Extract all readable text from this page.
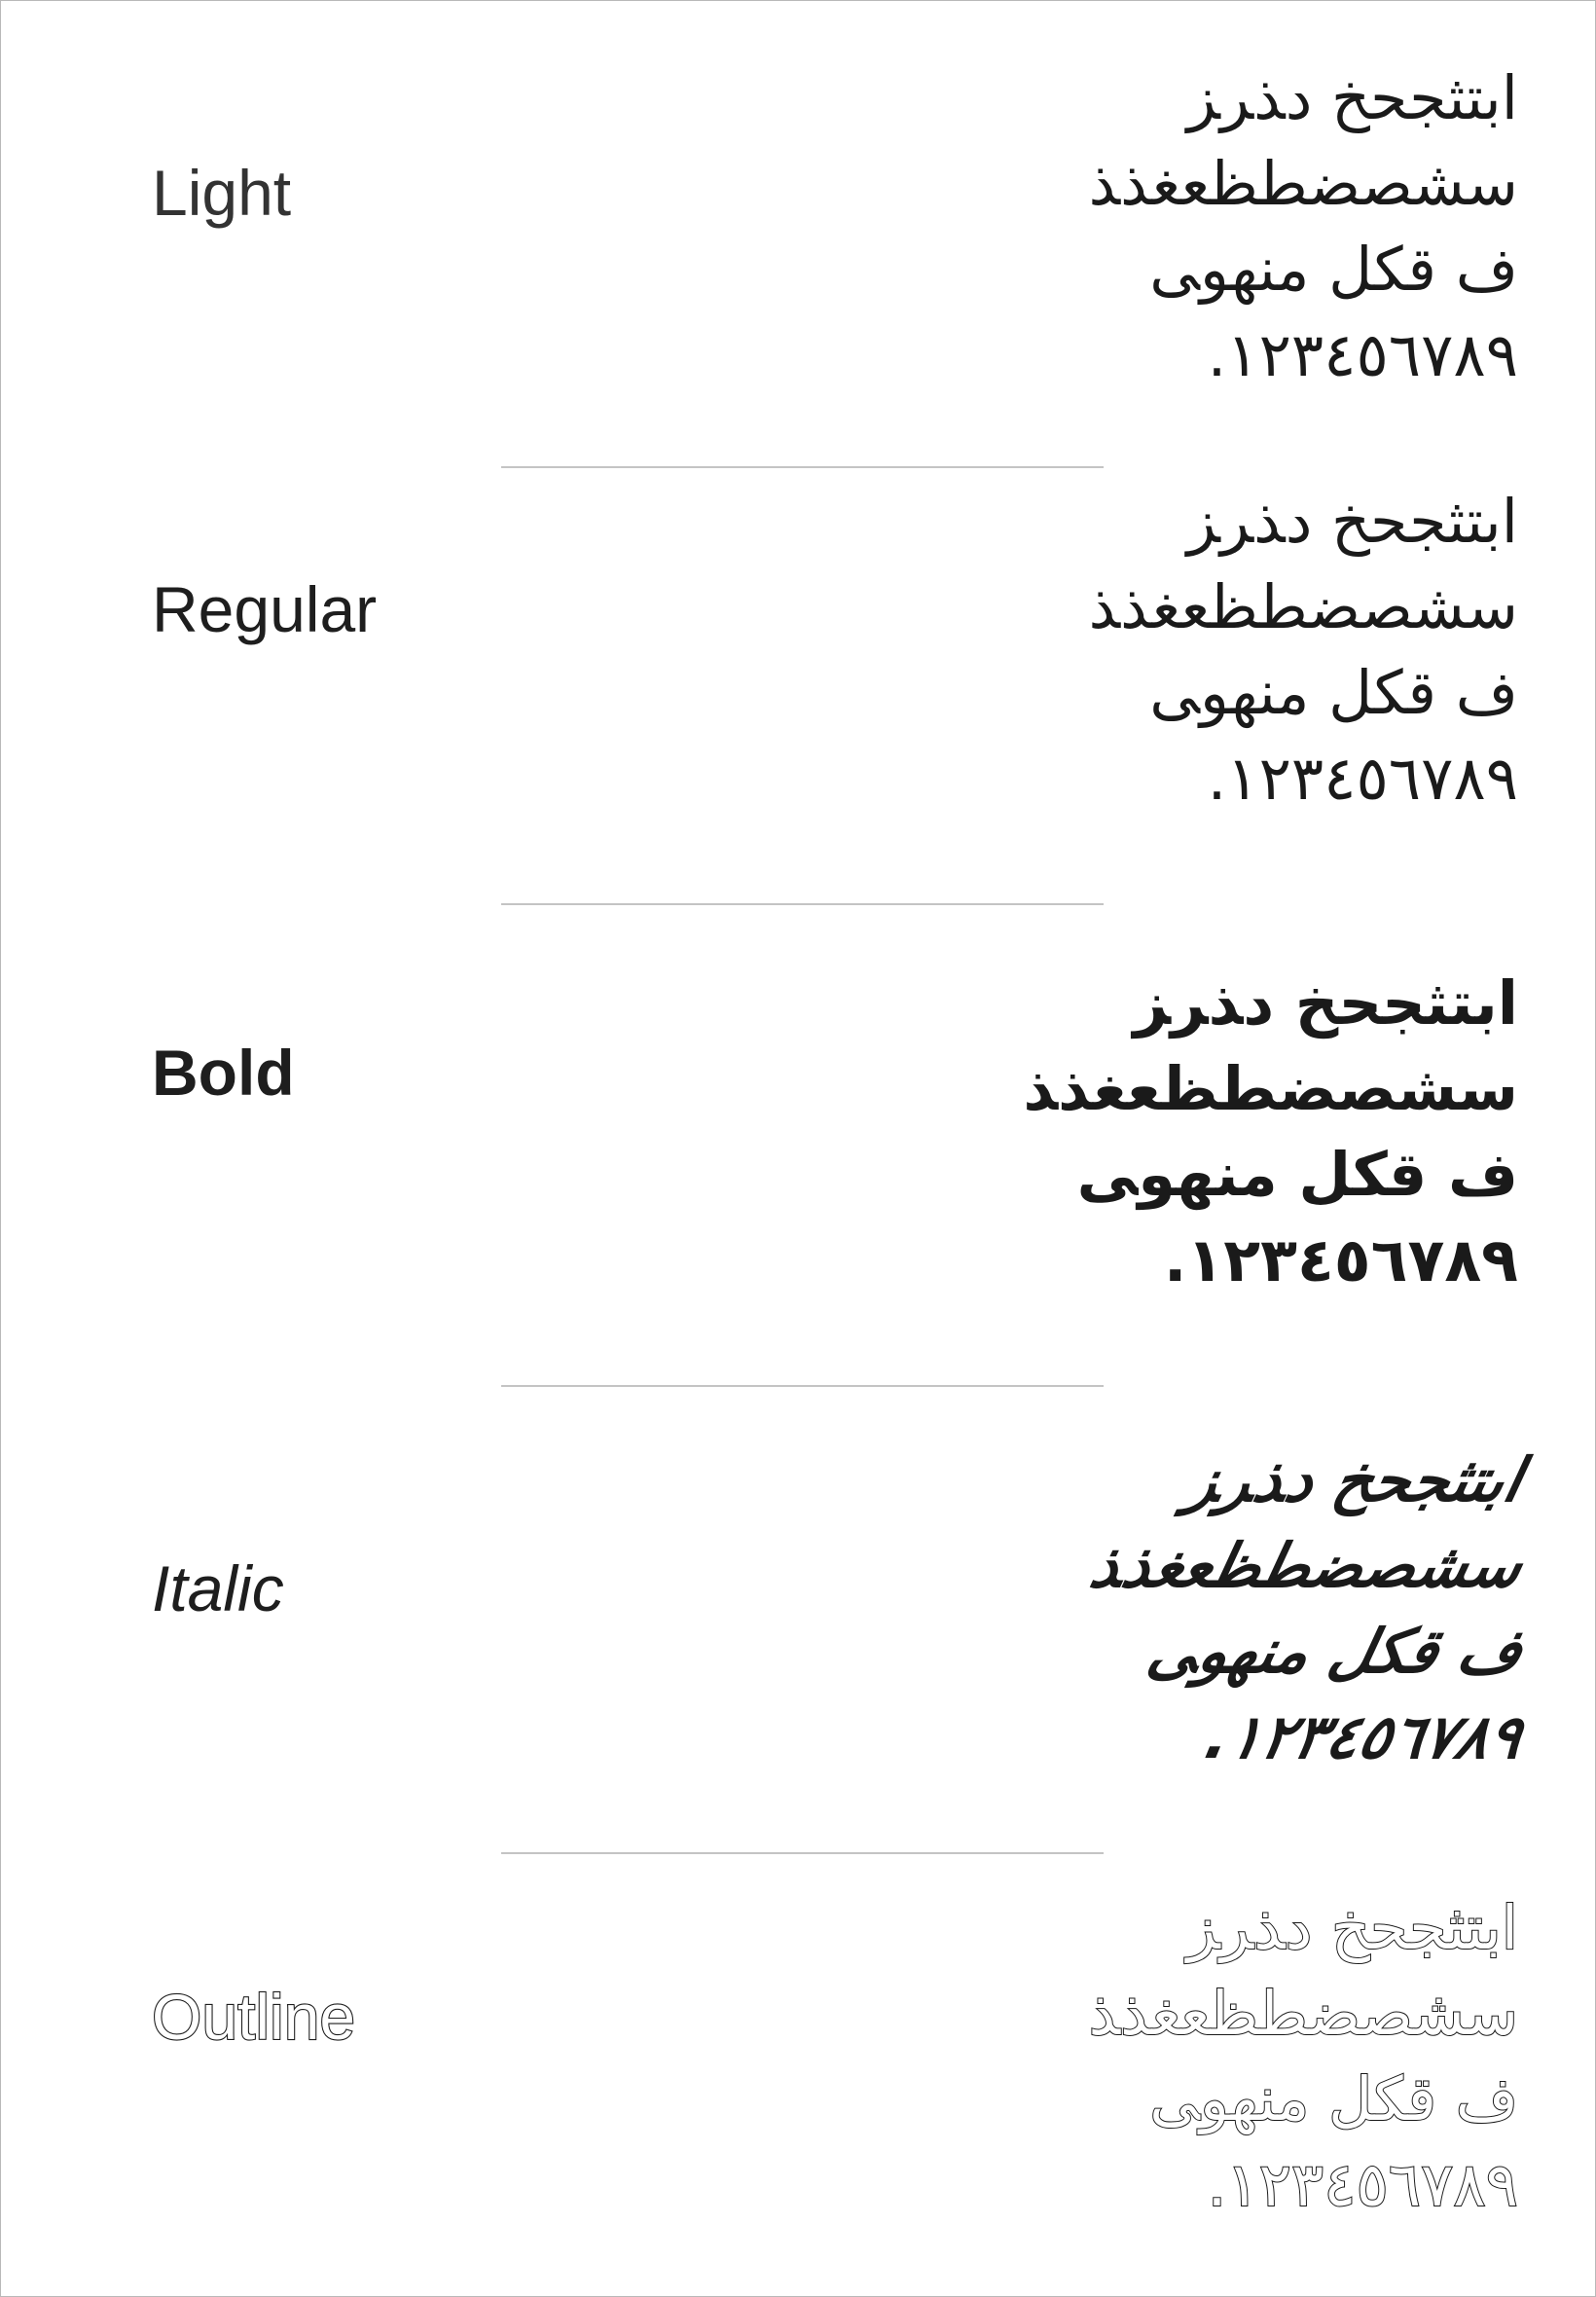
Light
اب‍ت‍ث‍ج‍ح‍خ د‍ذ‍ر‍ز
س‍ش‍ص‍ض‍ط‍ظ‍ع‍غ‍ذ‍ذ
ف ق‍ك‍ل م‍ن‍ه‍و‍ى
١٢٣٤٥٦٧٨٩.
Regular
اب‍ت‍ث‍ج‍ح‍خ د‍ذ‍ر‍ز
س‍ش‍ص‍ض‍ط‍ظ‍ع‍غ‍ذ‍ذ
ف ق‍ك‍ل م‍ن‍ه‍و‍ى
١٢٣٤٥٦٧٨٩.
Bold
اب‍ت‍ث‍ج‍ح‍خ د‍ذ‍ر‍ز
س‍ش‍ص‍ض‍ط‍ظ‍ع‍غ‍ذ‍ذ
ف ق‍ك‍ل م‍ن‍ه‍و‍ى
١٢٣٤٥٦٧٨٩.
Italic
اب‍ت‍ث‍ج‍ح‍خ د‍ذ‍ر‍ز
س‍ش‍ص‍ض‍ط‍ظ‍ع‍غ‍ذ‍ذ
ف ق‍ك‍ل م‍ن‍ه‍و‍ى
١٢٣٤٥٦٧٨٩.
Outline
اب‍ت‍ث‍ج‍ح‍خ د‍ذ‍ر‍ز
س‍ش‍ص‍ض‍ط‍ظ‍ع‍غ‍ذ‍ذ
ف ق‍ك‍ل م‍ن‍ه‍و‍ى
١٢٣٤٥٦٧٨٩.
